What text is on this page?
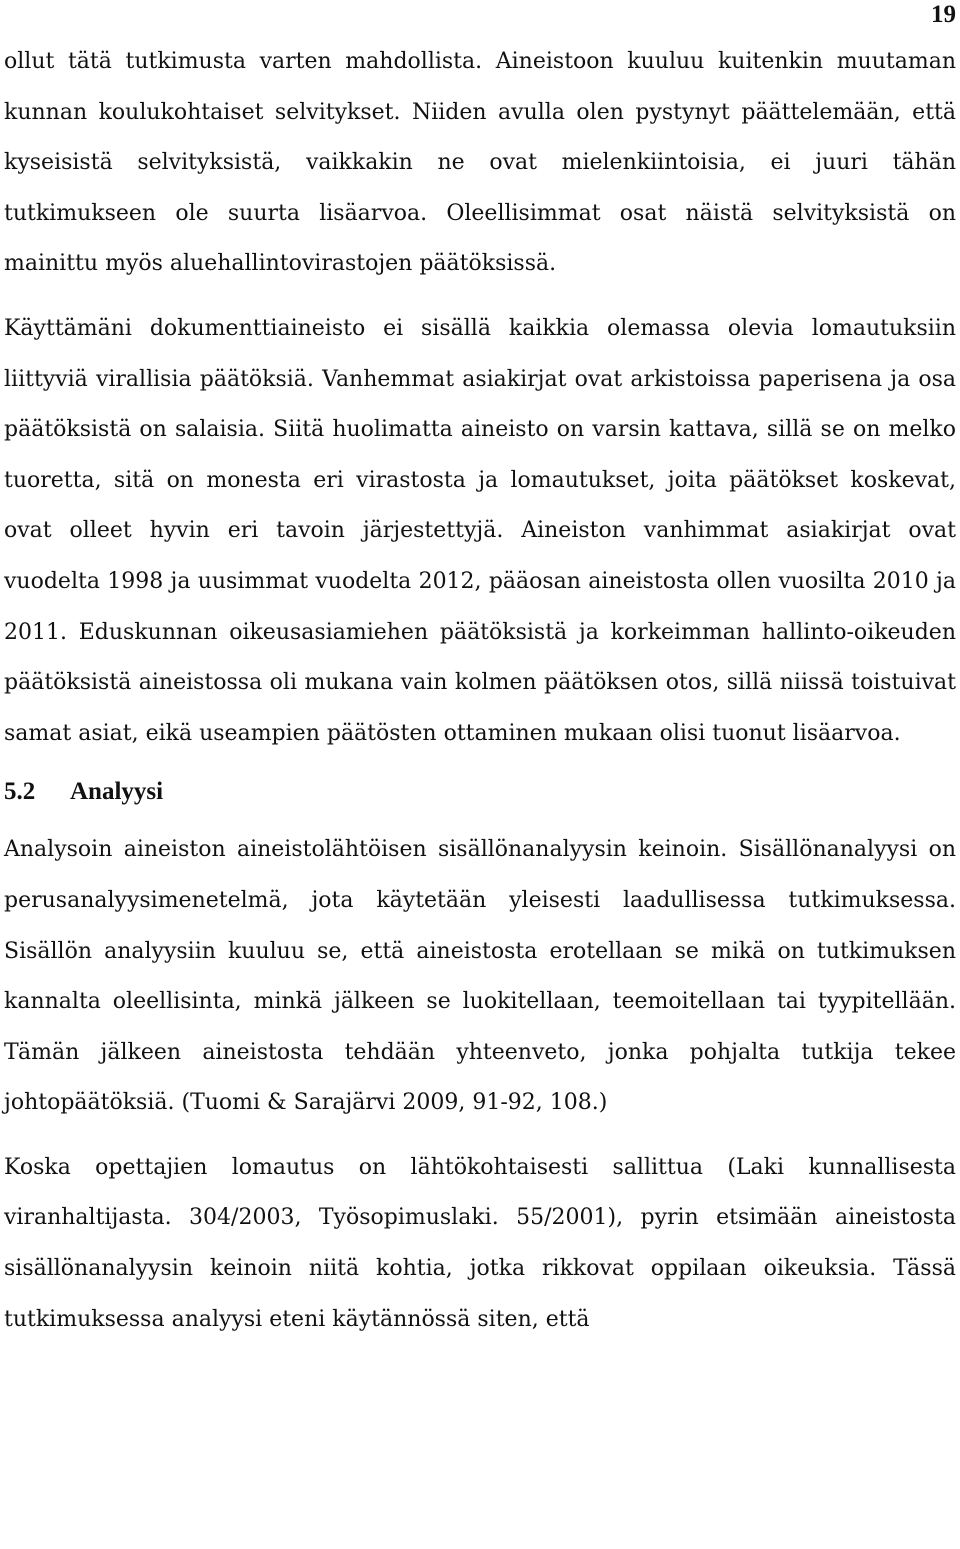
19

ollut tätä tutkimusta varten mahdollista. Aineistoon kuuluu kuitenkin muutaman kunnan koulukohtaiset selvitykset. Niiden avulla olen pystynyt päättelemään, että kyseisistä selvityksistä, vaikkakin ne ovat mielenkiintoisia, ei juuri tähän tutkimukseen ole suurta lisäarvoa. Oleellisimmat osat näistä selvityksistä on mainittu myös aluehallintovirastojen päätöksissä.

Käyttämäni dokumenttiaineisto ei sisällä kaikkia olemassa olevia lomautuksiin liittyviä virallisia päätöksiä. Vanhemmat asiakirjat ovat arkistoissa paperisena ja osa päätöksistä on salaisia. Siitä huolimatta aineisto on varsin kattava, sillä se on melko tuoretta, sitä on monesta eri virastosta ja lomautukset, joita päätökset koskevat, ovat olleet hyvin eri tavoin järjestettyjä. Aineiston vanhimmat asiakirjat ovat vuodelta 1998 ja uusimmat vuodelta 2012, pääosan aineistosta ollen vuosilta 2010 ja 2011. Eduskunnan oikeusasiamiehen päätöksistä ja korkeimman hallinto-oikeuden päätöksistä aineistossa oli mukana vain kolmen päätöksen otos, sillä niissä toistuivat samat asiat, eikä useampien päätösten ottaminen mukaan olisi tuonut lisäarvoa.

5.2 Analyysi

Analysoin aineiston aineistolähtöisen sisällönanalyysin keinoin. Sisällönanalyysi on perusanalyysimenetelmä, jota käytetään yleisesti laadullisessa tutkimuksessa. Sisällön analyysiin kuuluu se, että aineistosta erotellaan se mikä on tutkimuksen kannalta oleellisinta, minkä jälkeen se luokitellaan, teemoitellaan tai tyypitellään. Tämän jälkeen aineistosta tehdään yhteenveto, jonka pohjalta tutkija tekee johtopäätöksiä. (Tuomi & Sarajärvi 2009, 91-92, 108.)

Koska opettajien lomautus on lähtökohtaisesti sallittua (Laki kunnallisesta viranhaltijasta. 304/2003, Työsopimuslaki. 55/2001), pyrin etsimään aineistosta sisällönanalyysin keinoin niitä kohtia, jotka rikkovat oppilaan oikeuksia. Tässä tutkimuksessa analyysi eteni käytännössä siten, että
